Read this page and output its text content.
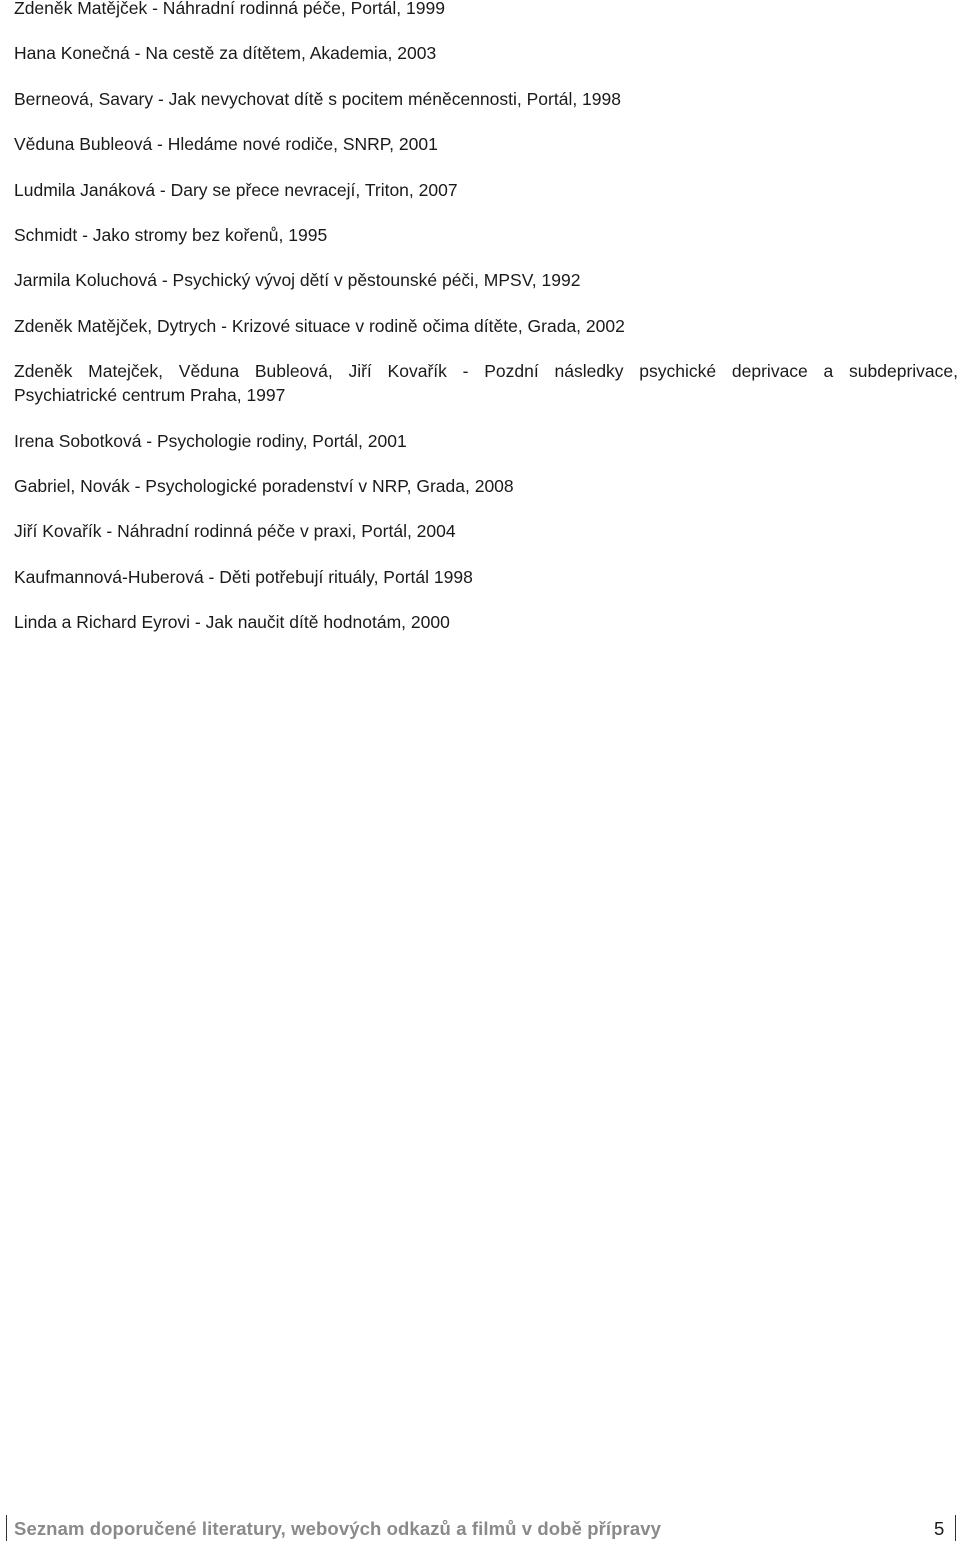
Zdeněk Matějček - Náhradní rodinná péče, Portál, 1999

Hana Konečná - Na cestě za dítětem, Akademia, 2003

Berneová, Savary - Jak nevychovat dítě s pocitem méněcennosti, Portál, 1998

Věduna Bubleová - Hledáme nové rodiče, SNRP, 2001

Ludmila Janáková - Dary se přece nevracejí, Triton, 2007

Schmidt - Jako stromy bez kořenů, 1995

Jarmila Koluchová - Psychický vývoj dětí v pěstounské péči, MPSV, 1992

Zdeněk Matějček, Dytrych - Krizové situace v rodině očima dítěte, Grada, 2002

Zdeněk Matejček, Věduna Bubleová, Jiří Kovařík - Pozdní následky psychické deprivace a subdeprivace,
Psychiatrické centrum Praha, 1997

Irena Sobotková - Psychologie rodiny, Portál, 2001

Gabriel, Novák - Psychologické poradenství v NRP, Grada, 2008

Jiří Kovařík - Náhradní rodinná péče v praxi, Portál, 2004

Kaufmannová-Huberová - Děti potřebují rituály, Portál 1998

Linda a Richard Eyrovi - Jak naučit dítě hodnotám, 2000

Seznam doporučené literatury, webových odkazů a filmů v době přípravy	5
